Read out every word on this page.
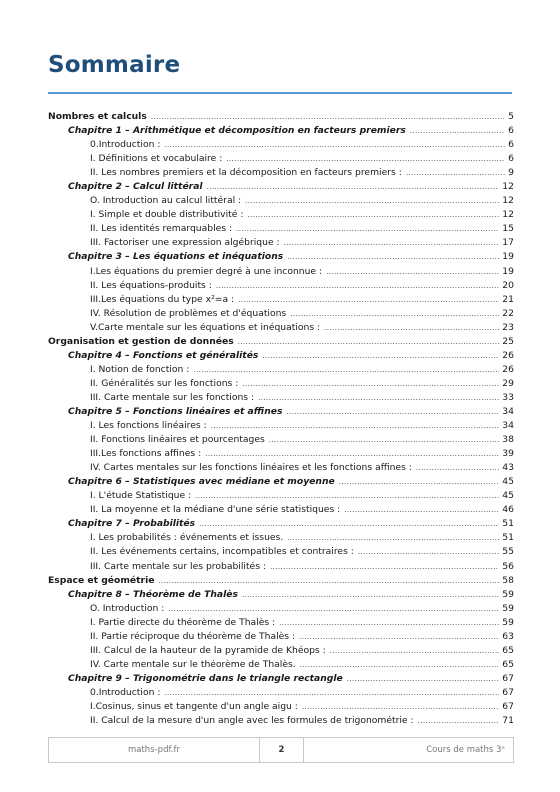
Sommaire
Nombres et calculs .....	5
Chapitre 1 – Arithmétique et décomposition en facteurs premiers .....	6
0.Introduction : .....	6
I. Définitions et vocabulaire : .....	6
II. Les nombres premiers et la décomposition en facteurs premiers : .....	9
Chapitre 2 – Calcul littéral .....	12
O. Introduction au calcul littéral : .....	12
I. Simple et double distributivité : .....	12
II. Les identités remarquables : .....	15
III. Factoriser une expression algébrique : .....	17
Chapitre 3 – Les équations et inéquations .....	19
I.Les équations du premier degré à une inconnue : .....	19
II. Les équations-produits : .....	20
III.Les équations du type x²=a : .....	21
IV. Résolution de problèmes et d'équations .....	22
V.Carte mentale sur les équations et inéquations : .....	23
Organisation et gestion de données .....	25
Chapitre 4 – Fonctions et généralités .....	26
I. Notion de fonction : .....	26
II. Généralités sur les fonctions : .....	29
III. Carte mentale sur les fonctions : .....	33
Chapitre 5 – Fonctions linéaires et affines .....	34
I. Les fonctions linéaires : .....	34
II. Fonctions linéaires et pourcentages .....	38
III.Les fonctions affines : .....	39
IV. Cartes mentales sur les fonctions linéaires et les fonctions affines : .....	43
Chapitre 6 – Statistiques avec médiane et moyenne .....	45
I. L'étude Statistique : .....	45
II. La moyenne et la médiane d'une série statistiques : .....	46
Chapitre 7 – Probabilités .....	51
I. Les probabilités : événements et issues. .....	51
II. Les événements certains, incompatibles et contraires : .....	55
III. Carte mentale sur les probabilités : .....	56
Espace et géométrie .....	58
Chapitre 8 – Théorème de Thalès .....	59
O. Introduction : .....	59
I. Partie directe du théorème de Thalès : .....	59
II. Partie réciproque du théorème de Thalès : .....	63
III. Calcul de la hauteur de la pyramide de Khéops : .....	65
IV. Carte mentale sur le théorème de Thalès. .....	65
Chapitre 9 – Trigonométrie dans le triangle rectangle .....	67
0.Introduction : .....	67
I.Cosinus, sinus et tangente d'un angle aigu : .....	67
II. Calcul de la mesure d'un angle avec les formules de trigonométrie : .....	71
maths-pdf.fr	2	Cours de maths 3ᵉ
